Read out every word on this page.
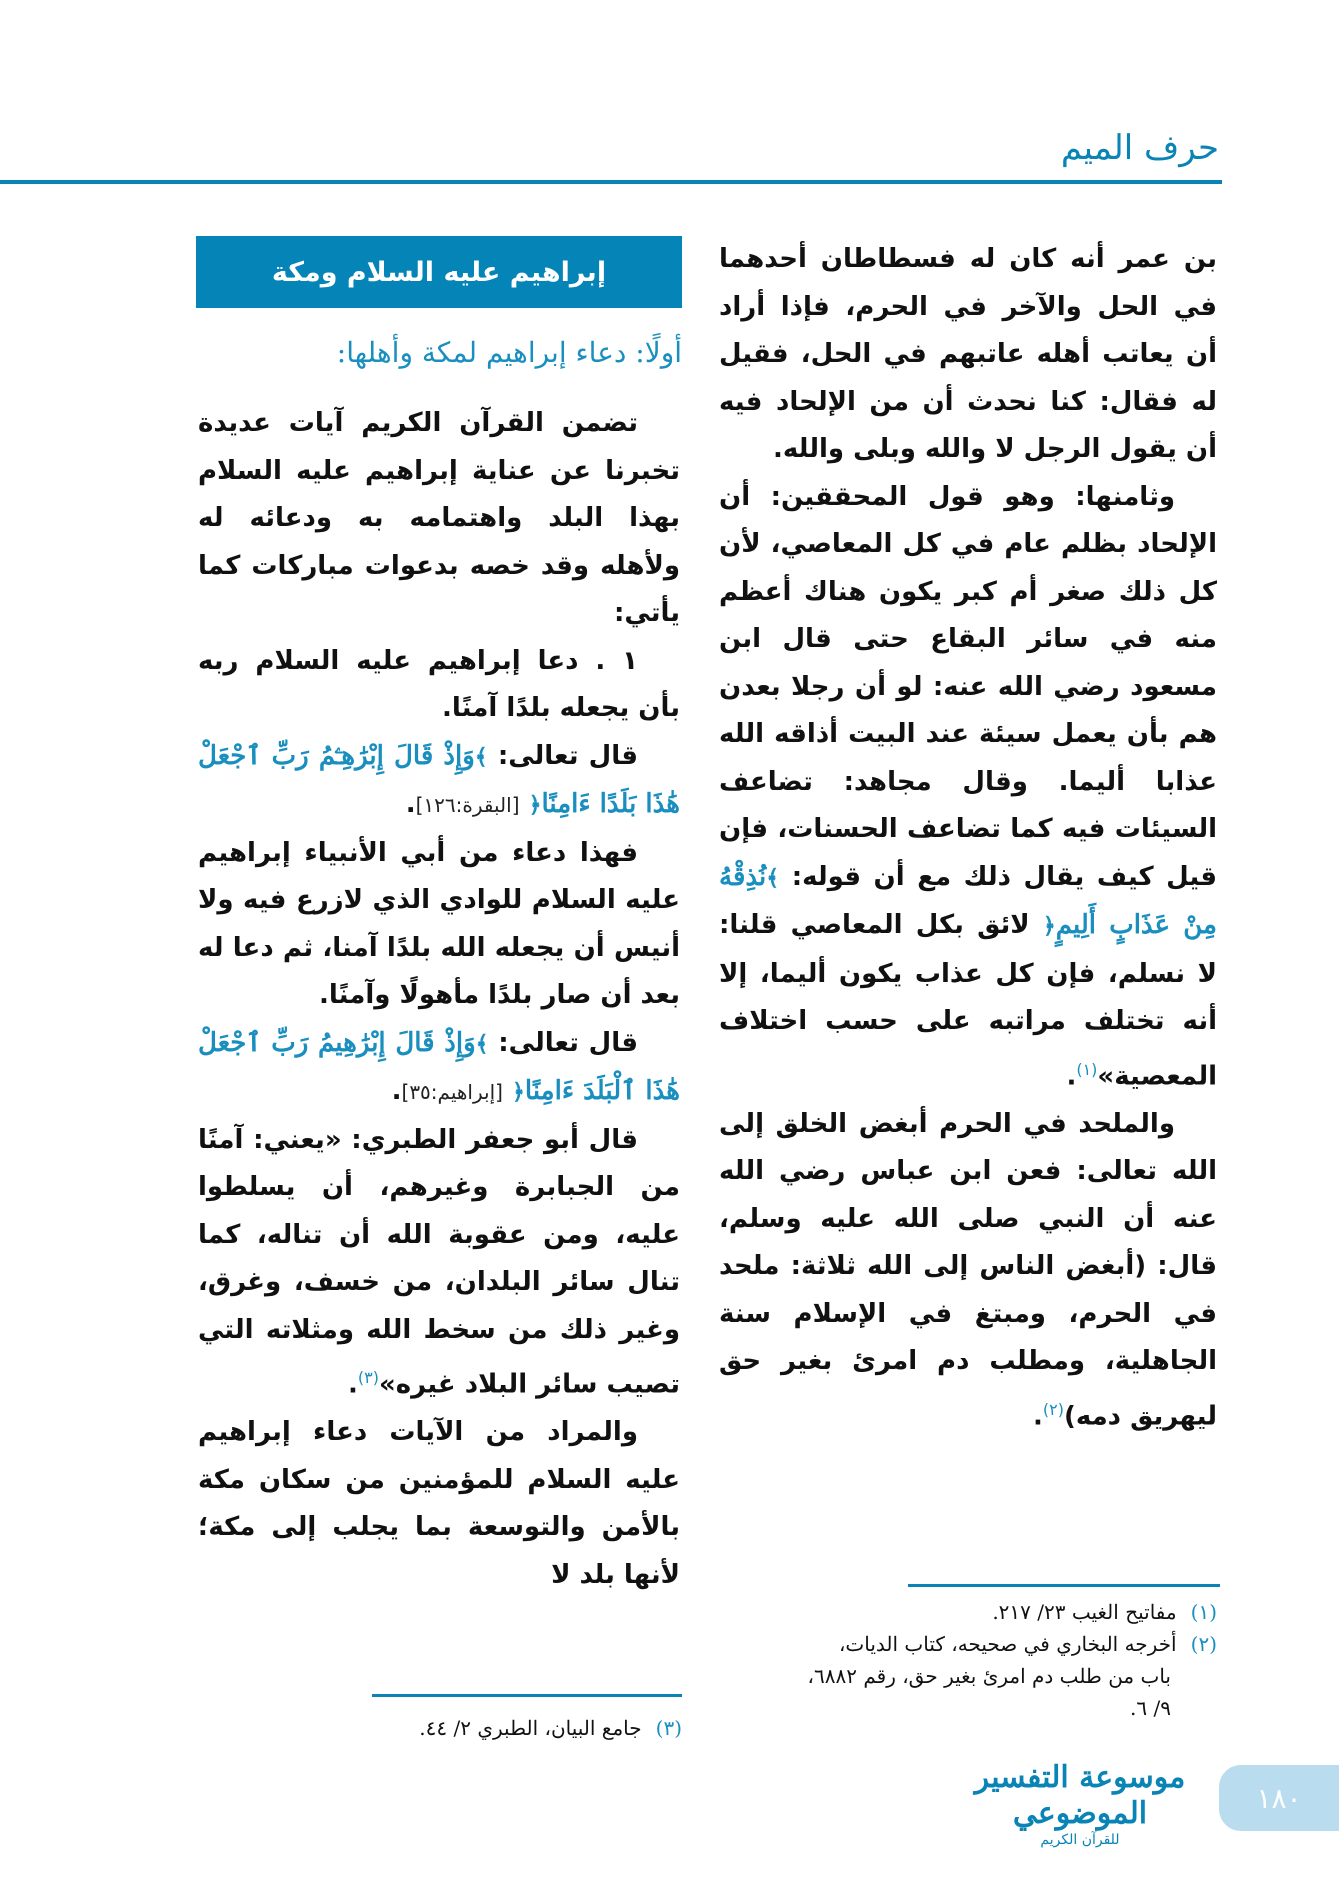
حرف الميم

بن عمر أنه كان له فسطاطان أحدهما في الحل والآخر في الحرم، فإذا أراد أن يعاتب أهله عاتبهم في الحل، فقيل له فقال: كنا نحدث أن من الإلحاد فيه أن يقول الرجل لا والله وبلى والله.

وثامنها: وهو قول المحققين: أن الإلحاد بظلم عام في كل المعاصي، لأن كل ذلك صغر أم كبر يكون هناك أعظم منه في سائر البقاع حتى قال ابن مسعود رضي الله عنه: لو أن رجلا بعدن هم بأن يعمل سيئة عند البيت أذاقه الله عذابا أليما. وقال مجاهد: تضاعف السيئات فيه كما تضاعف الحسنات، فإن قيل كيف يقال ذلك مع أن قوله: ﴾نُذِقْهُ مِنْ عَذَابٍ أَلِيمٍ﴿ لائق بكل المعاصي قلنا: لا نسلم، فإن كل عذاب يكون أليما، إلا أنه تختلف مراتبه على حسب اختلاف المعصية»$^{(١)}$.

والملحد في الحرم أبغض الخلق إلى الله تعالى: فعن ابن عباس رضي الله عنه أن النبي صلى الله عليه وسلم، قال: (أبغض الناس إلى الله ثلاثة: ملحد في الحرم، ومبتغ في الإسلام سنة الجاهلية، ومطلب دم امرئ بغير حق ليهريق دمه)$^{(٢)}$.

(١)مفاتيح الغيب ٢٣/ ٢١٧.
(٢)أخرجه البخاري في صحيحه، كتاب الديات،
باب من طلب دم امرئ بغير حق، رقم ٦٨٨٢،
٩/ ٦.
إبراهيم عليه السلام ومكة
أولًا: دعاء إبراهيم لمكة وأهلها:

تضمن القرآن الكريم آيات عديدة تخبرنا عن عناية إبراهيم عليه السلام بهذا البلد واهتمامه به ودعائه له ولأهله وقد خصه بدعوات مباركات كما يأتي:

١ . دعا إبراهيم عليه السلام ربه بأن يجعله بلدًا آمنًا.

قال تعالى: ﴾وَإِذْ قَالَ إِبْرَٰهِـۧمُ رَبِّ ٱجْعَلْ هَٰذَا بَلَدًا ءَامِنًا﴿ [البقرة:١٢٦].

فهذا دعاء من أبي الأنبياء إبراهيم عليه السلام للوادي الذي لازرع فيه ولا أنيس أن يجعله الله بلدًا آمنا، ثم دعا له بعد أن صار بلدًا مأهولًا وآمنًا.

قال تعالى: ﴾وَإِذْ قَالَ إِبْرَٰهِيمُ رَبِّ ٱجْعَلْ هَٰذَا ٱلْبَلَدَ ءَامِنًا﴿ [إبراهيم:٣٥].

قال أبو جعفر الطبري: «يعني: آمنًا من الجبابرة وغيرهم، أن يسلطوا عليه، ومن عقوبة الله أن تناله، كما تنال سائر البلدان، من خسف، وغرق، وغير ذلك من سخط الله ومثلاته التي تصيب سائر البلاد غيره»$^{(٣)}$.

والمراد من الآيات دعاء إبراهيم عليه السلام للمؤمنين من سكان مكة بالأمن والتوسعة بما يجلب إلى مكة؛ لأنها بلد لا

(٣)جامع البيان، الطبري ٢/ ٤٤.
موسوعة التفسير الموضوعي
للقرآن الكريم
١٨٠
